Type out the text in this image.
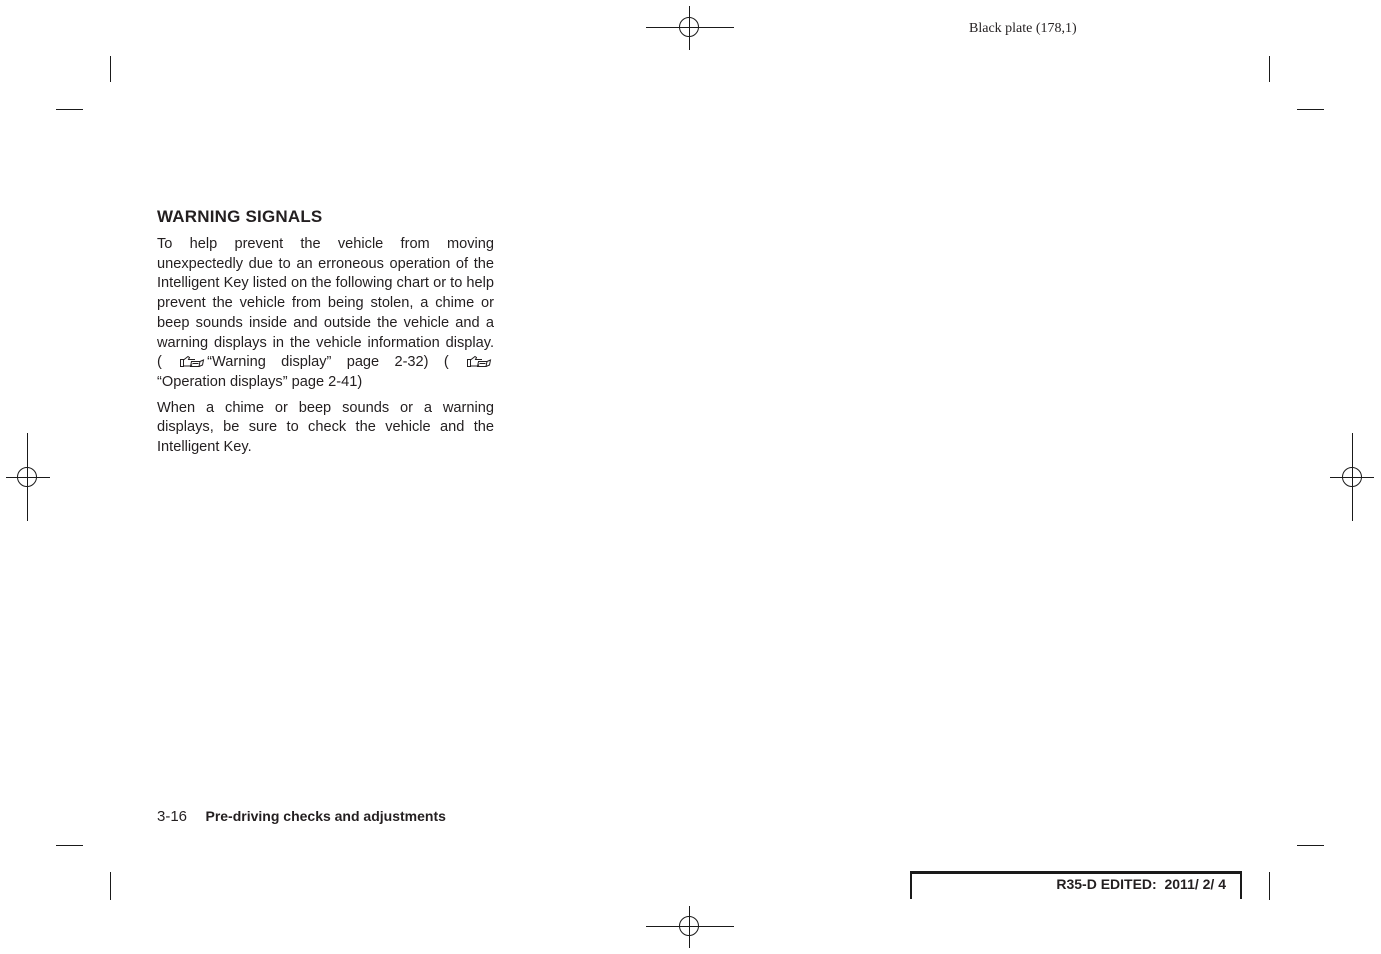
Black plate (178,1)
WARNING SIGNALS

To help prevent the vehicle from moving unexpectedly due to an erroneous operation of the Intelligent Key listed on the following chart or to help prevent the vehicle from being stolen, a chime or beep sounds inside and outside the vehicle and a warning displays in the vehicle information display. (	“Warning display” page 2-32) ( “Operation displays” page 2-41)

When a chime or beep sounds or a warning displays, be sure to check the vehicle and the Intelligent Key.

3-16 Pre-driving checks and adjustments
R35-D EDITED:  2011/ 2/ 4
